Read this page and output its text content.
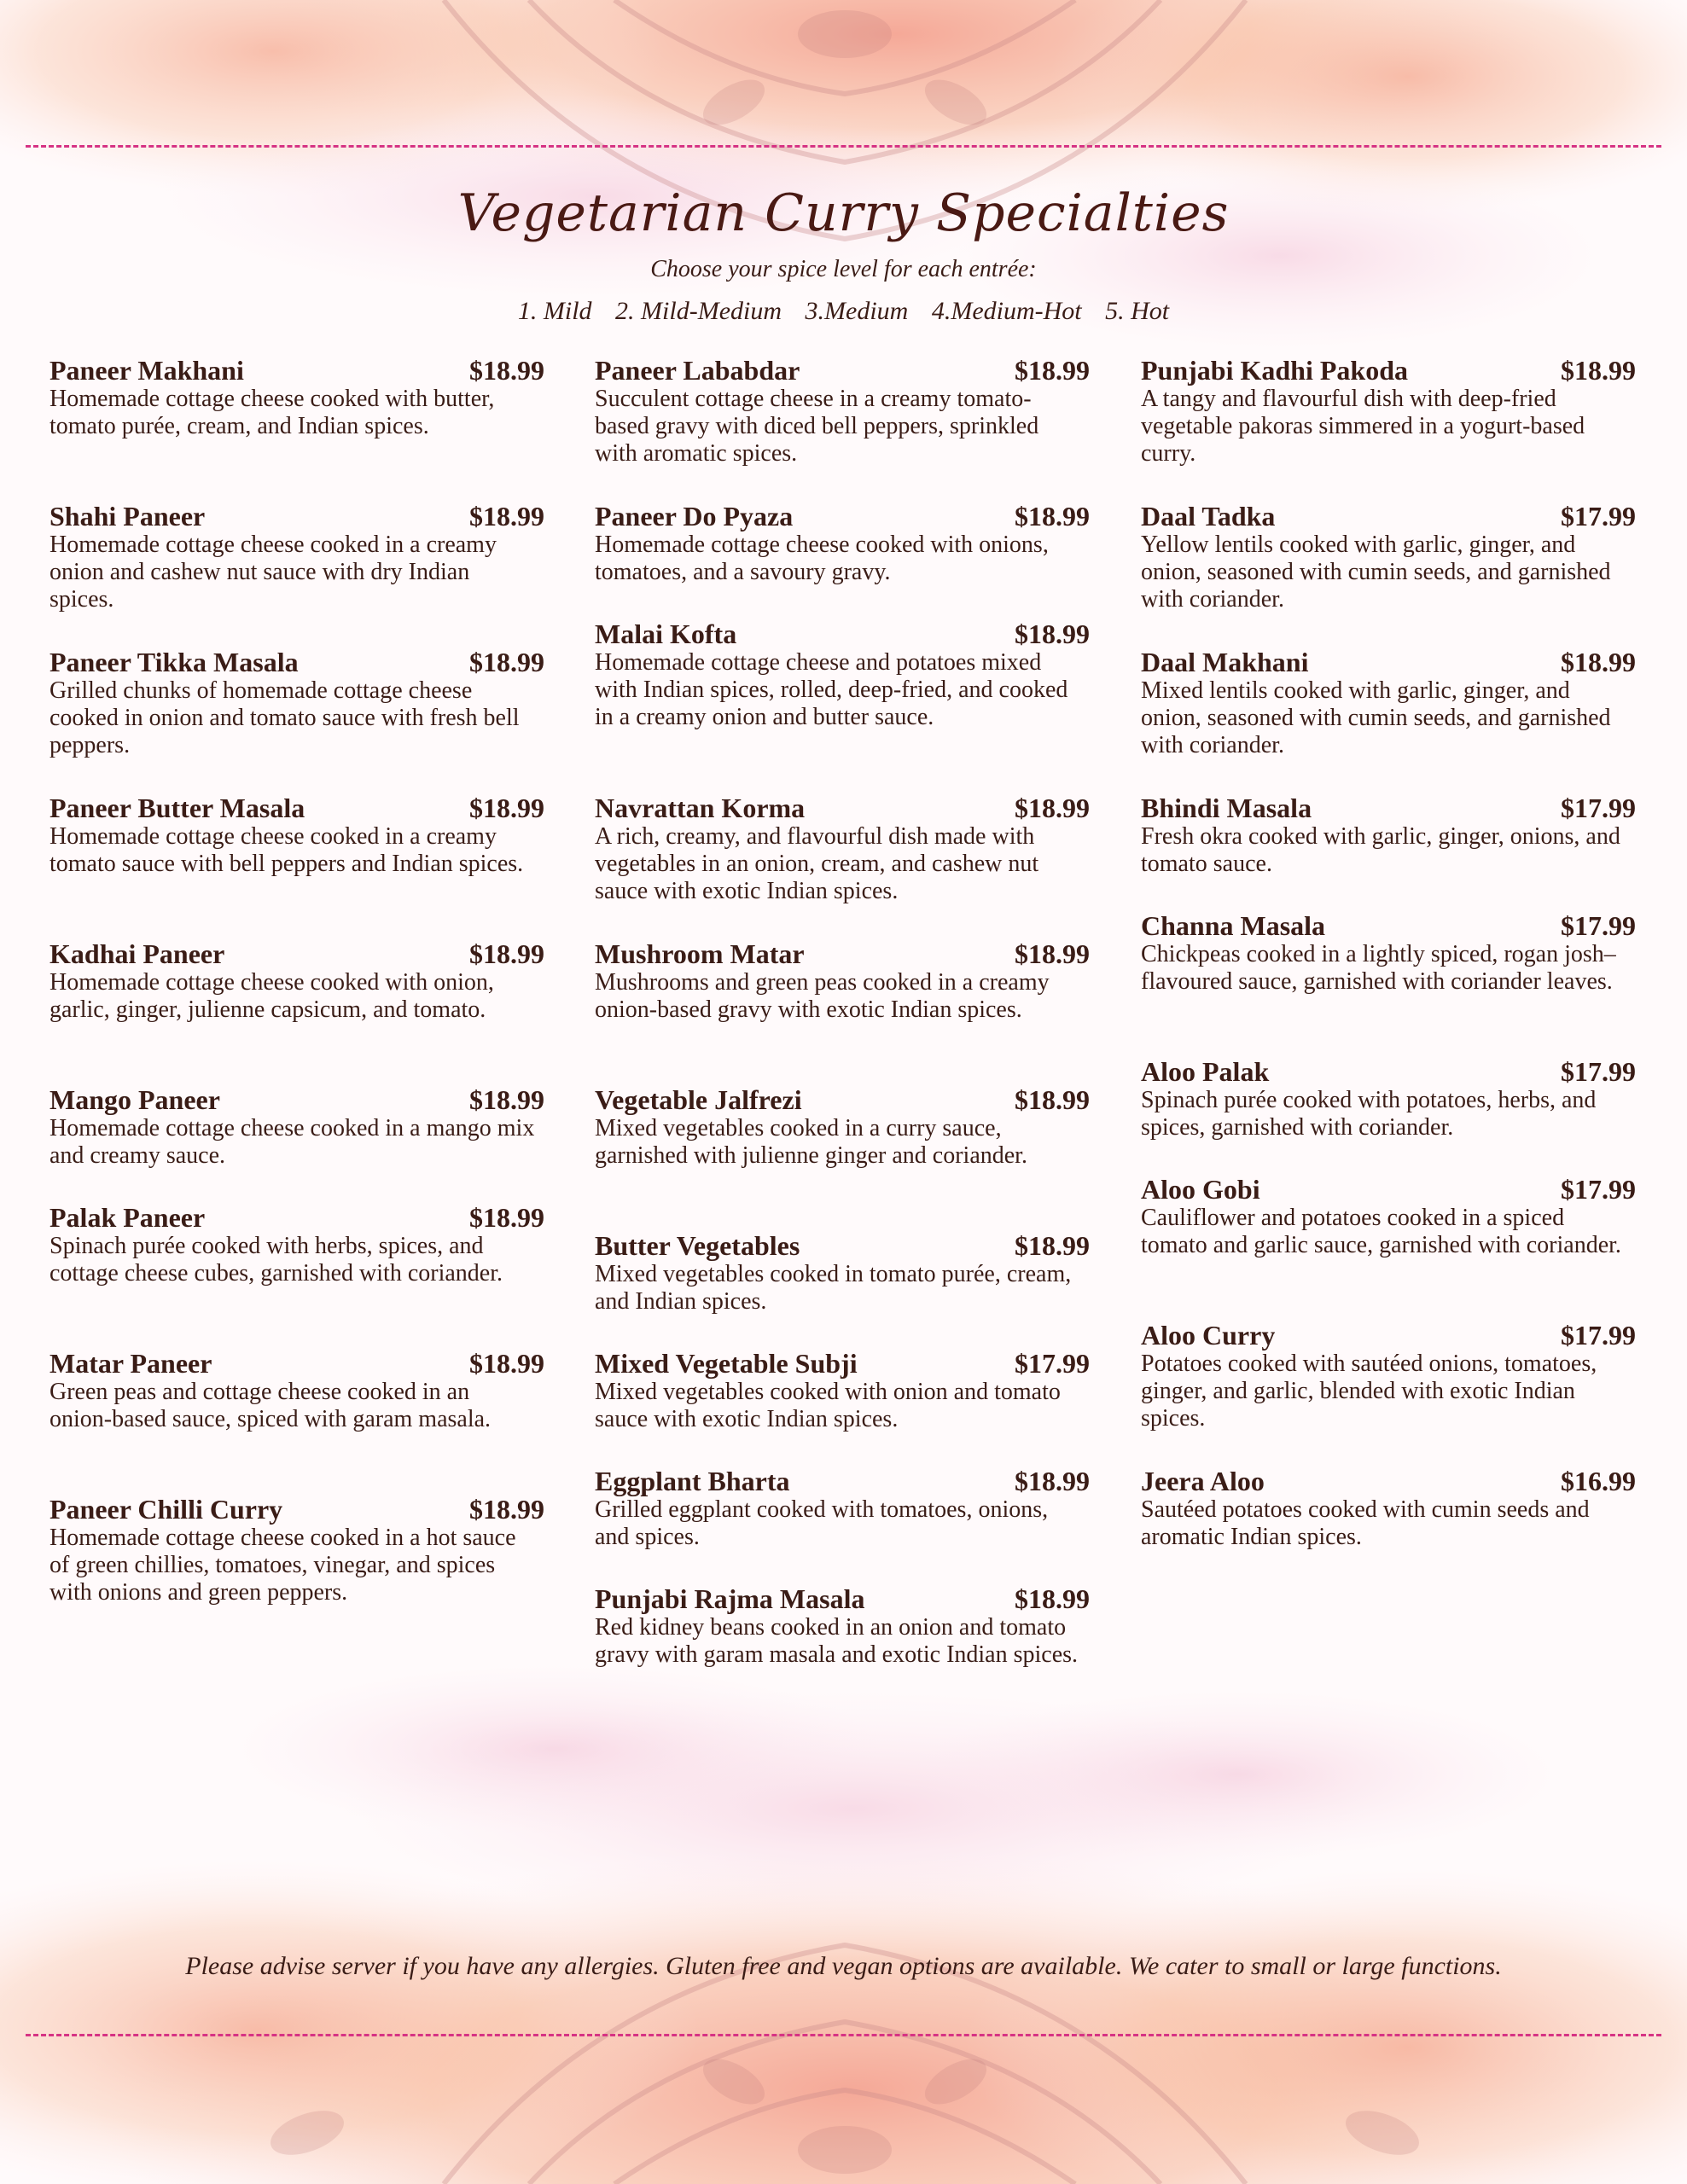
Vegetarian Curry Specialties
Choose your spice level for each entrée:
1. Mild 2. Mild-Medium 3.Medium 4.Medium-Hot 5. Hot
Paneer Makhani	$18.99
Homemade cottage cheese cooked with butter, tomato purée, cream, and Indian spices.
Shahi Paneer	$18.99
Homemade cottage cheese cooked in a creamy onion and cashew nut sauce with dry Indian spices.
Paneer Tikka Masala	$18.99
Grilled chunks of homemade cottage cheese cooked in onion and tomato sauce with fresh bell peppers.
Paneer Butter Masala	$18.99
Homemade cottage cheese cooked in a creamy tomato sauce with bell peppers and Indian spices.
Kadhai Paneer	$18.99
Homemade cottage cheese cooked with onion, garlic, ginger, julienne capsicum, and tomato.
Mango Paneer	$18.99
Homemade cottage cheese cooked in a mango mix and creamy sauce.
Palak Paneer	$18.99
Spinach purée cooked with herbs, spices, and cottage cheese cubes, garnished with coriander.
Matar Paneer	$18.99
Green peas and cottage cheese cooked in an onion-based sauce, spiced with garam masala.
Paneer Chilli Curry	$18.99
Homemade cottage cheese cooked in a hot sauce of green chillies, tomatoes, vinegar, and spices with onions and green peppers.
Paneer Lababdar	$18.99
Succulent cottage cheese in a creamy tomato-based gravy with diced bell peppers, sprinkled with aromatic spices.
Paneer Do Pyaza	$18.99
Homemade cottage cheese cooked with onions, tomatoes, and a savoury gravy.
Malai Kofta	$18.99
Homemade cottage cheese and potatoes mixed with Indian spices, rolled, deep-fried, and cooked in a creamy onion and butter sauce.
Navrattan Korma	$18.99
A rich, creamy, and flavourful dish made with vegetables in an onion, cream, and cashew nut sauce with exotic Indian spices.
Mushroom Matar	$18.99
Mushrooms and green peas cooked in a creamy onion-based gravy with exotic Indian spices.
Vegetable Jalfrezi	$18.99
Mixed vegetables cooked in a curry sauce, garnished with julienne ginger and coriander.
Butter Vegetables	$18.99
Mixed vegetables cooked in tomato purée, cream, and Indian spices.
Mixed Vegetable Subji	$17.99
Mixed vegetables cooked with onion and tomato sauce with exotic Indian spices.
Eggplant Bharta	$18.99
Grilled eggplant cooked with tomatoes, onions, and spices.
Punjabi Rajma Masala	$18.99
Red kidney beans cooked in an onion and tomato gravy with garam masala and exotic Indian spices.
Punjabi Kadhi Pakoda	$18.99
A tangy and flavourful dish with deep-fried vegetable pakoras simmered in a yogurt-based curry.
Daal Tadka	$17.99
Yellow lentils cooked with garlic, ginger, and onion, seasoned with cumin seeds, and garnished with coriander.
Daal Makhani	$18.99
Mixed lentils cooked with garlic, ginger, and onion, seasoned with cumin seeds, and garnished with coriander.
Bhindi Masala	$17.99
Fresh okra cooked with garlic, ginger, onions, and tomato sauce.
Channa Masala	$17.99
Chickpeas cooked in a lightly spiced, rogan josh–flavoured sauce, garnished with coriander leaves.
Aloo Palak	$17.99
Spinach purée cooked with potatoes, herbs, and spices, garnished with coriander.
Aloo Gobi	$17.99
Cauliflower and potatoes cooked in a spiced tomato and garlic sauce, garnished with coriander.
Aloo Curry	$17.99
Potatoes cooked with sautéed onions, tomatoes, ginger, and garlic, blended with exotic Indian spices.
Jeera Aloo	$16.99
Sautéed potatoes cooked with cumin seeds and aromatic Indian spices.
Please advise server if you have any allergies. Gluten free and vegan options are available. We cater to small or large functions.
